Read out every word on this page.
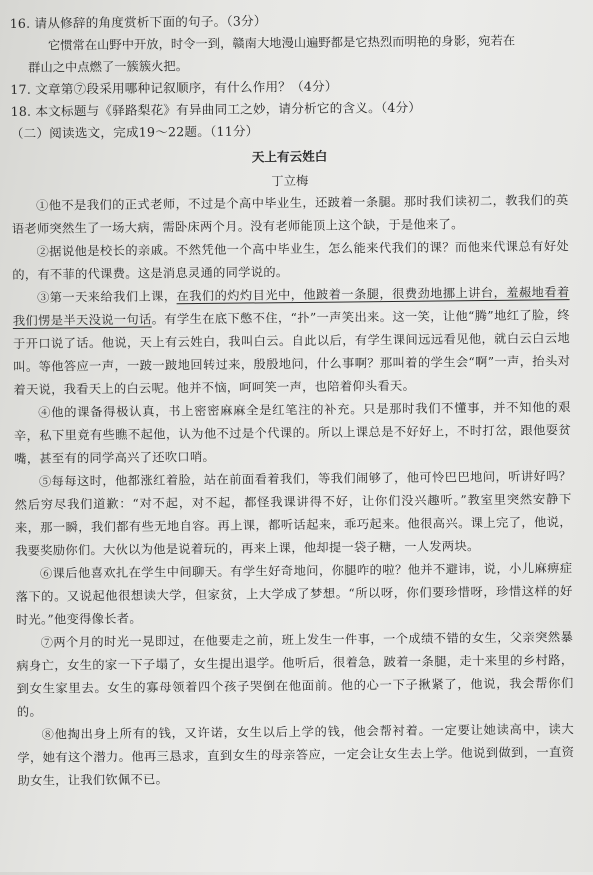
16. 请从修辞的角度赏析下面的句子。（3分）
它惯常在山野中开放，时令一到，赣南大地漫山遍野都是它热烈而明艳的身影，宛若在
群山之中点燃了一簇簇火把。
17. 文章第⑦段采用哪种记叙顺序，有什么作用？（4分）
18. 本文标题与《驿路梨花》有异曲同工之妙，请分析它的含义。（4分）
（二）阅读选文，完成19～22题。（11分）
天上有云姓白
丁立梅

①他不是我们的正式老师，不过是个高中毕业生，还跛着一条腿。那时我们读初二，教我们的英语老师突然生了一场大病，需卧床两个月。没有老师能顶上这个缺，于是他来了。

②据说他是校长的亲戚。不然凭他一个高中毕业生，怎么能来代我们的课？而他来代课总有好处的，有不菲的代课费。这是消息灵通的同学说的。

③第一天来给我们上课，在我们的灼灼目光中，他跛着一条腿，很费劲地挪上讲台，羞赧地看着我们愣是半天没说一句话。有学生在底下憋不住，“扑”一声笑出来。这一笑，让他“腾”地红了脸，终于开口说了话。他说，天上有云姓白，我叫白云。自此以后，有学生课间远远看见他，就白云白云地叫。等他答应一声，一跛一跛地回转过来，殷殷地问，什么事啊？那叫着的学生会“啊”一声，抬头对着天说，我看天上的白云呢。他并不恼，呵呵笑一声，也陪着仰头看天。

④他的课备得极认真，书上密密麻麻全是红笔注的补充。只是那时我们不懂事，并不知他的艰辛，私下里竟有些瞧不起他，认为他不过是个代课的。所以上课总是不好好上，不时打岔，跟他耍贫嘴，甚至有的同学高兴了还吹口哨。

⑤每每这时，他都涨红着脸，站在前面看着我们，等我们闹够了，他可怜巴巴地问，听讲好吗？然后穷尽我们道歉：“对不起，对不起，都怪我课讲得不好，让你们没兴趣听。”教室里突然安静下来，那一瞬，我们都有些无地自容。再上课，都听话起来，乖巧起来。他很高兴。课上完了，他说，我要奖励你们。大伙以为他是说着玩的，再来上课，他却提一袋子糖，一人发两块。

⑥课后他喜欢扎在学生中间聊天。有学生好奇地问，你腿咋的啦？他并不避讳，说，小儿麻痹症落下的。又说起他很想读大学，但家贫，上大学成了梦想。“所以呀，你们要珍惜呀，珍惜这样的好时光。”他变得像长者。

⑦两个月的时光一晃即过，在他要走之前，班上发生一件事，一个成绩不错的女生，父亲突然暴病身亡，女生的家一下子塌了，女生提出退学。他听后，很着急，跛着一条腿，走十来里的乡村路，到女生家里去。女生的寡母领着四个孩子哭倒在他面前。他的心一下子揪紧了，他说，我会帮你们的。

⑧他掏出身上所有的钱，又许诺，女生以后上学的钱，他会帮衬着。一定要让她读高中，读大学，她有这个潜力。他再三恳求，直到女生的母亲答应，一定会让女生去上学。他说到做到，一直资助女生，让我们钦佩不已。
